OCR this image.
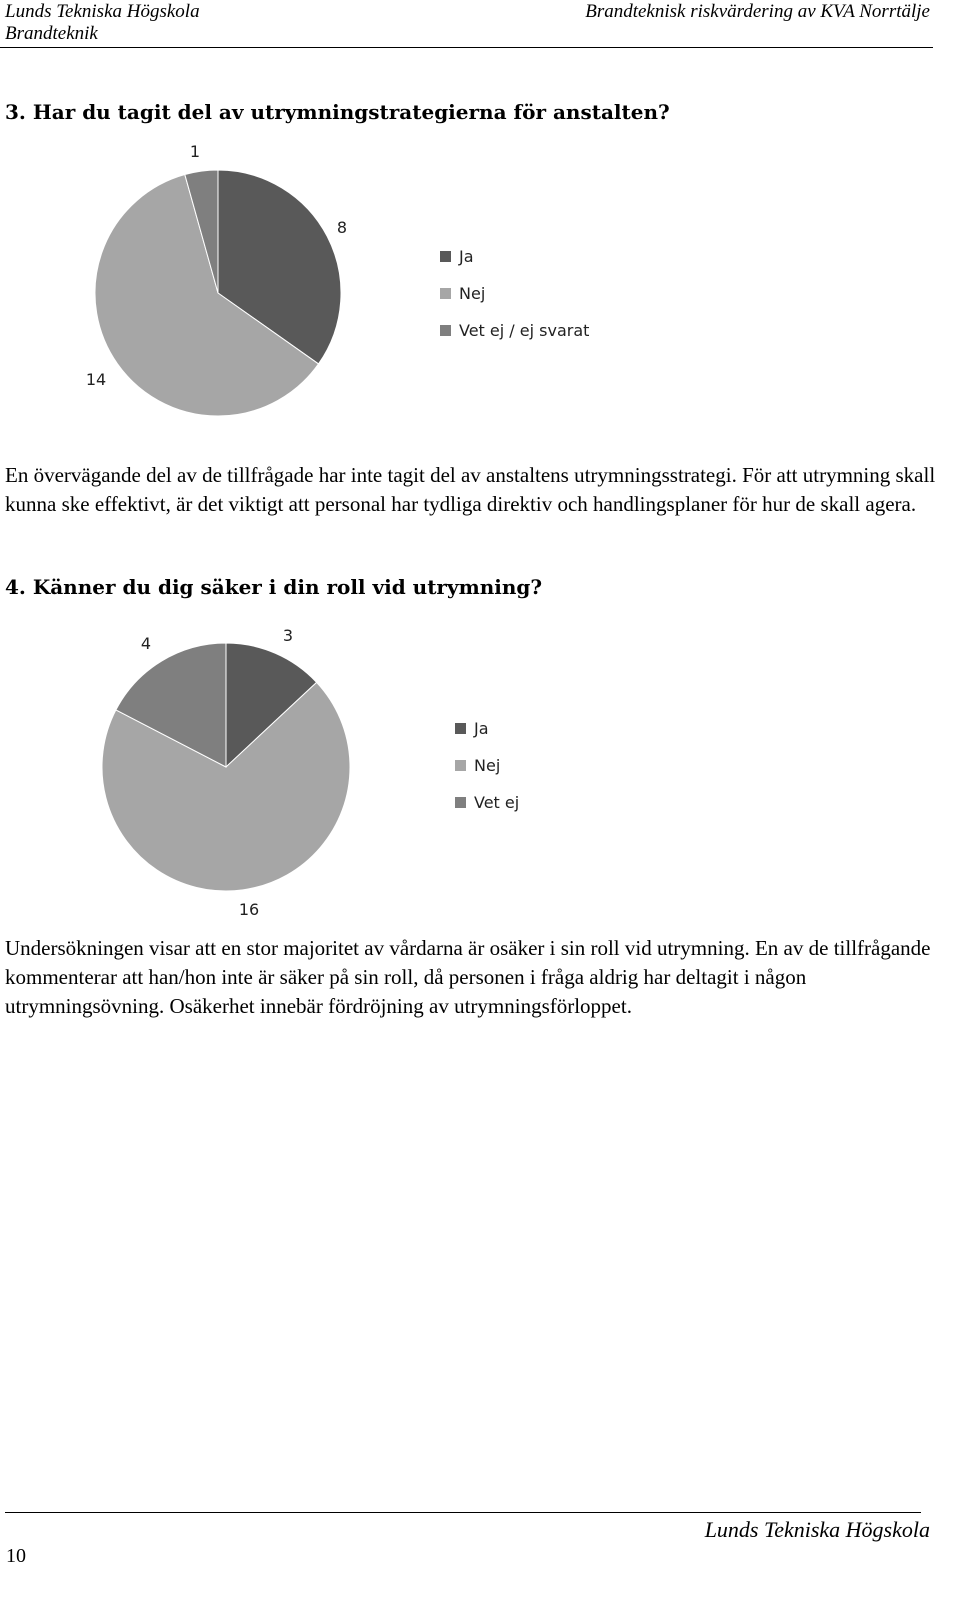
Lunds Tekniska Högskola
Brandteknik
Brandteknisk riskvärdering av KVA Norrtälje
3. Har du tagit del av utrymningstrategierna för anstalten?
8
14
1
3
16
4
Ja
Nej
Vet ej / ej svarat
En övervägande del av de tillfrågade har inte tagit del av anstaltens utrymningsstrategi. För att utrymning skall kunna ske effektivt, är det viktigt att personal har tydliga direktiv och handlingsplaner för hur de skall agera.
4. Känner du dig säker i din roll vid utrymning?
Ja
Nej
Vet ej
Undersökningen visar att en stor majoritet av vårdarna är osäker i sin roll vid utrymning. En av de tillfrågande kommenterar att han/hon inte är säker på sin roll, då personen i fråga aldrig har deltagit i någon utrymningsövning. Osäkerhet innebär fördröjning av utrymningsförloppet.
Lunds Tekniska Högskola
10
